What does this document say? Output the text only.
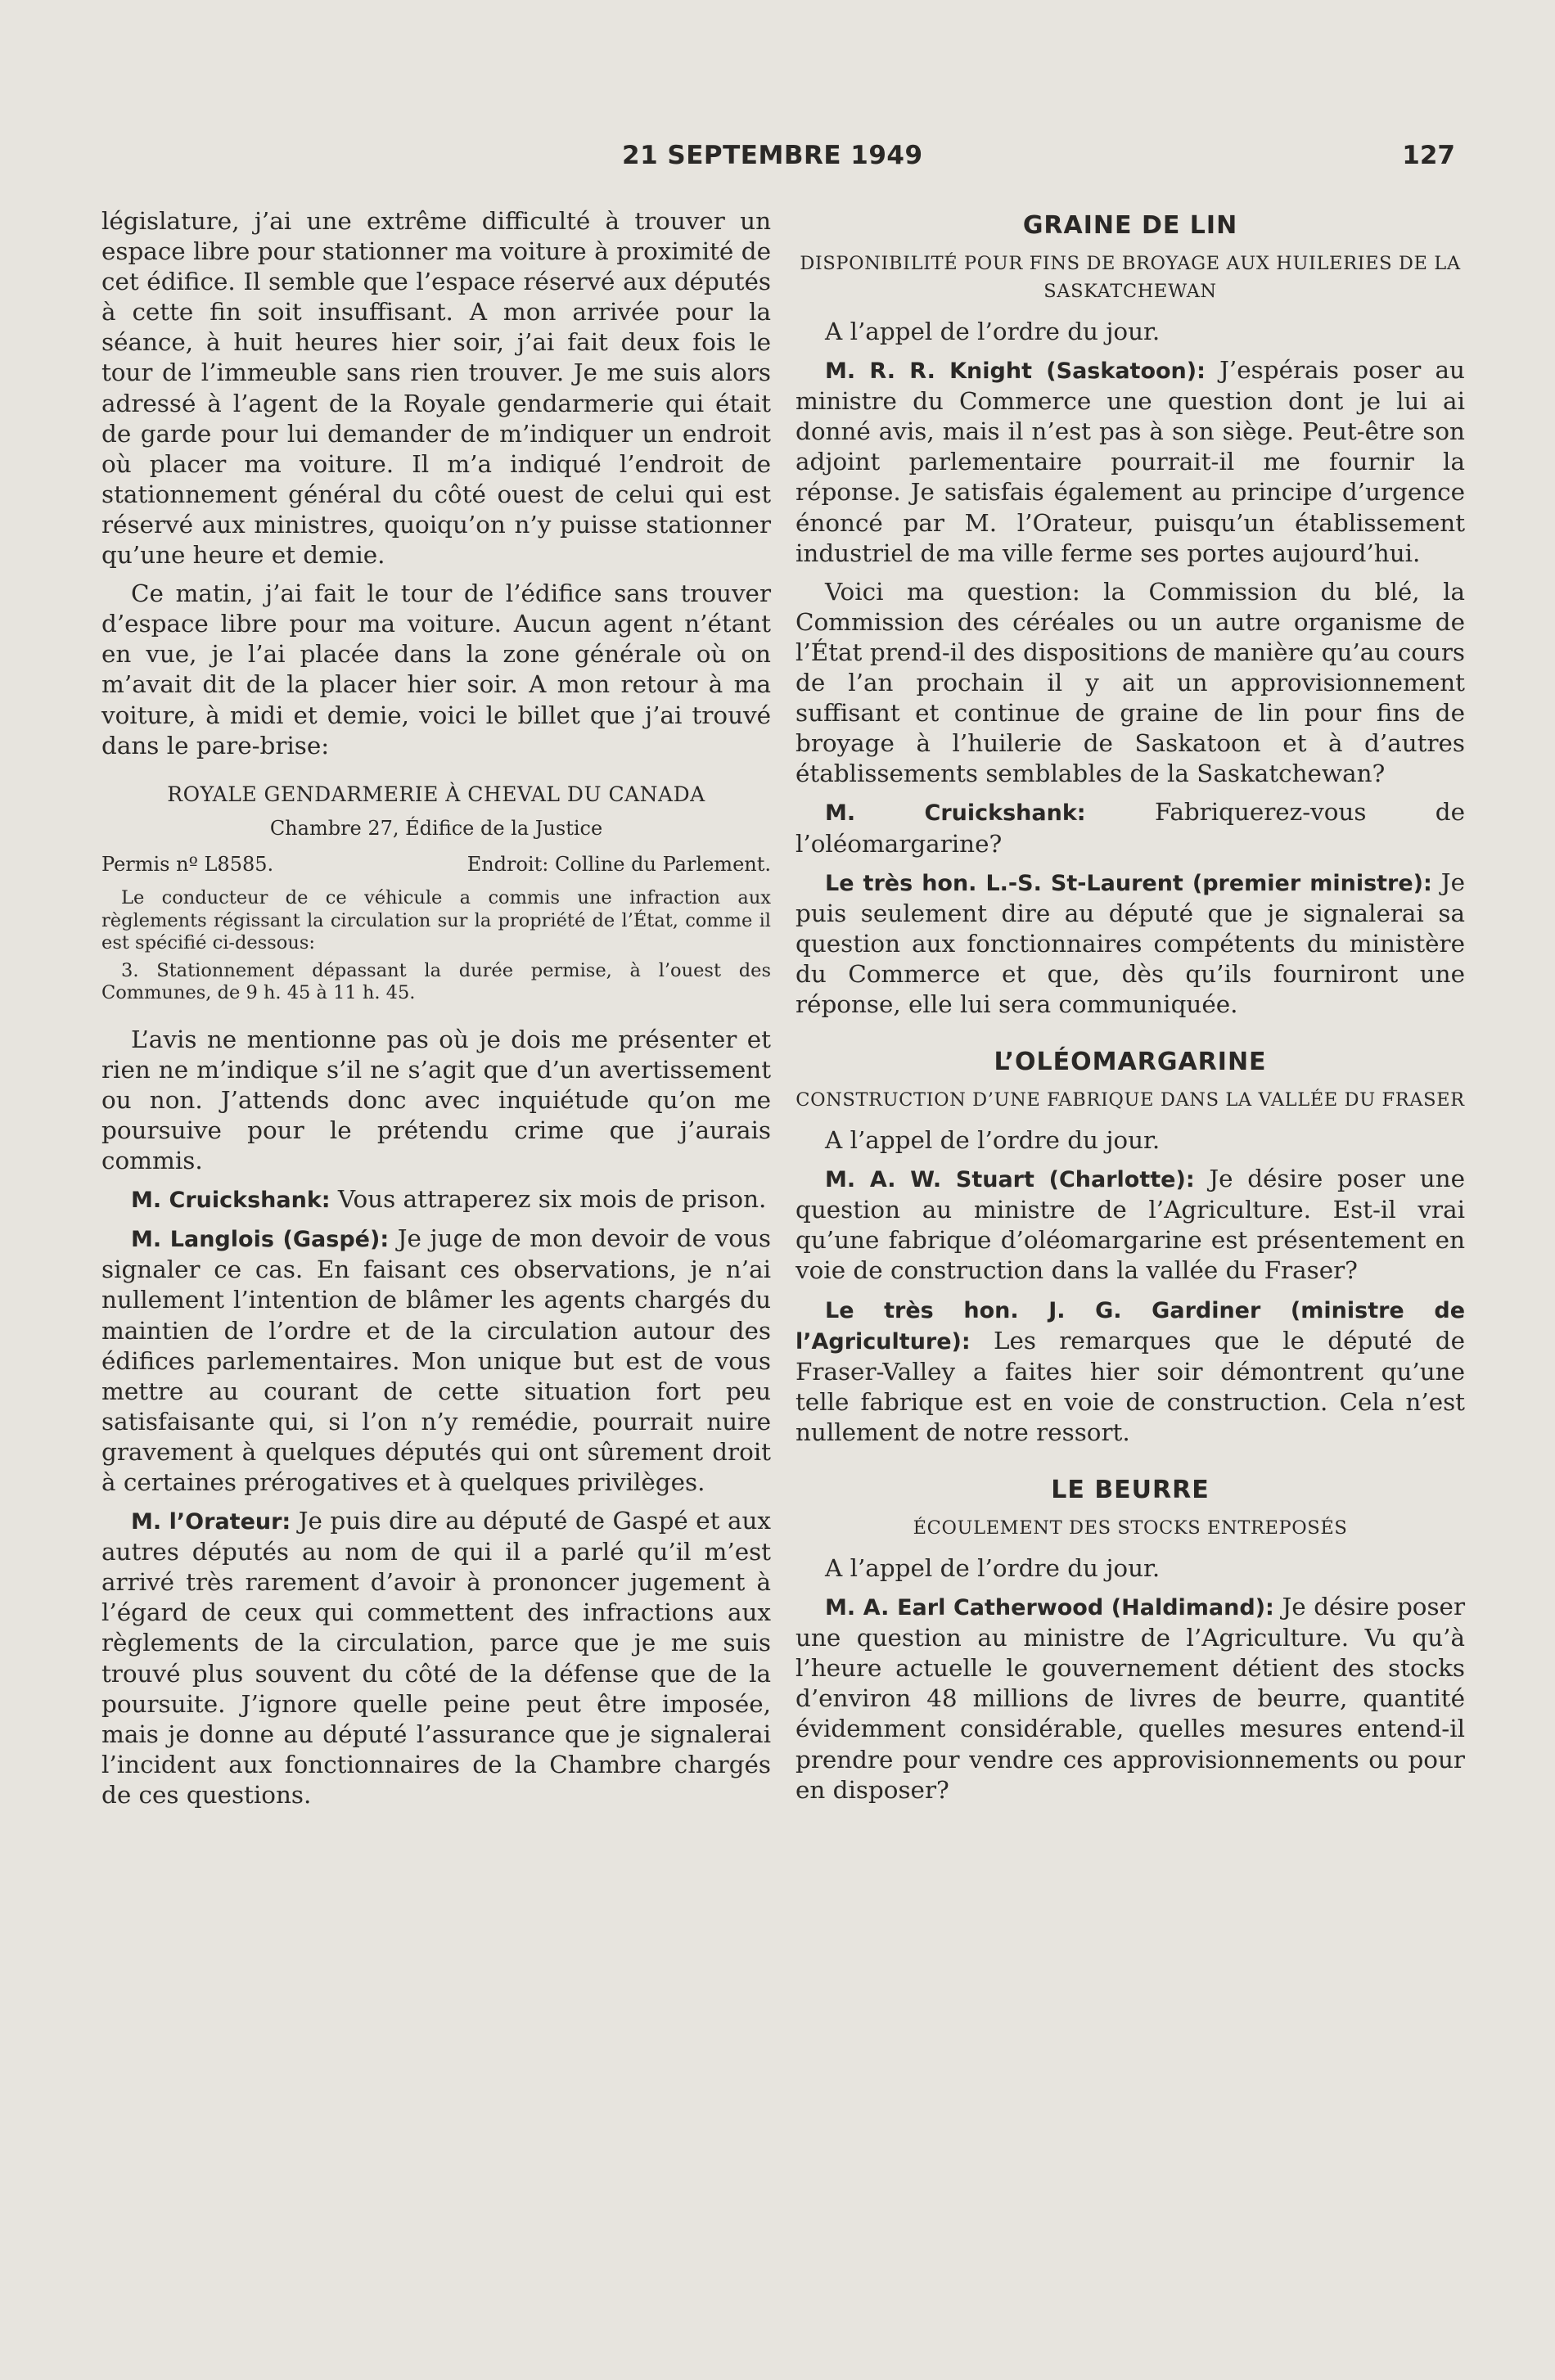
21 SEPTEMBRE 1949	127

législature, j’ai une extrême difficulté à trouver un espace libre pour stationner ma voiture à proximité de cet édifice. Il semble que l’espace réservé aux députés à cette fin soit insuffisant. A mon arrivée pour la séance, à huit heures hier soir, j’ai fait deux fois le tour de l’immeuble sans rien trouver. Je me suis alors adressé à l’agent de la Royale gendarmerie qui était de garde pour lui demander de m’indiquer un endroit où placer ma voiture. Il m’a indiqué l’endroit de stationnement général du côté ouest de celui qui est réservé aux ministres, quoiqu’on n’y puisse stationner qu’une heure et demie.

Ce matin, j’ai fait le tour de l’édifice sans trouver d’espace libre pour ma voiture. Aucun agent n’étant en vue, je l’ai placée dans la zone générale où on m’avait dit de la placer hier soir. A mon retour à ma voiture, à midi et demie, voici le billet que j’ai trouvé dans le pare-brise:

ROYALE GENDARMERIE À CHEVAL DU CANADA
Chambre 27, Édifice de la Justice
Permis nº L8585.	Endroit: Colline du Parlement.
Le conducteur de ce véhicule a commis une infraction aux règlements régissant la circulation sur la propriété de l’État, comme il est spécifié ci-dessous:
3. Stationnement dépassant la durée permise, à l’ouest des Communes, de 9 h. 45 à 11 h. 45.

L’avis ne mentionne pas où je dois me présenter et rien ne m’indique s’il ne s’agit que d’un avertissement ou non. J’attends donc avec inquiétude qu’on me poursuive pour le prétendu crime que j’aurais commis.

M. Cruickshank: Vous attraperez six mois de prison.

M. Langlois (Gaspé): Je juge de mon devoir de vous signaler ce cas. En faisant ces observations, je n’ai nullement l’intention de blâmer les agents chargés du maintien de l’ordre et de la circulation autour des édifices parlementaires. Mon unique but est de vous mettre au courant de cette situation fort peu satisfaisante qui, si l’on n’y remédie, pourrait nuire gravement à quelques députés qui ont sûrement droit à certaines prérogatives et à quelques privilèges.

M. l’Orateur: Je puis dire au député de Gaspé et aux autres députés au nom de qui il a parlé qu’il m’est arrivé très rarement d’avoir à prononcer jugement à l’égard de ceux qui commettent des infractions aux règlements de la circulation, parce que je me suis trouvé plus souvent du côté de la défense que de la poursuite. J’ignore quelle peine peut être imposée, mais je donne au député l’assurance que je signalerai l’incident aux fonctionnaires de la Chambre chargés de ces questions.

GRAINE DE LIN
DISPONIBILITÉ POUR FINS DE BROYAGE AUX HUILERIES DE LA SASKATCHEWAN

A l’appel de l’ordre du jour.

M. R. R. Knight (Saskatoon): J’espérais poser au ministre du Commerce une question dont je lui ai donné avis, mais il n’est pas à son siège. Peut-être son adjoint parlementaire pourrait-il me fournir la réponse. Je satisfais également au principe d’urgence énoncé par M. l’Orateur, puisqu’un établissement industriel de ma ville ferme ses portes aujourd’hui.

Voici ma question: la Commission du blé, la Commission des céréales ou un autre organisme de l’État prend-il des dispositions de manière qu’au cours de l’an prochain il y ait un approvisionnement suffisant et continue de graine de lin pour fins de broyage à l’huilerie de Saskatoon et à d’autres établissements semblables de la Saskatchewan?

M. Cruickshank: Fabriquerez-vous de l’oléomargarine?

Le très hon. L.-S. St-Laurent (premier ministre): Je puis seulement dire au député que je signalerai sa question aux fonctionnaires compétents du ministère du Commerce et que, dès qu’ils fourniront une réponse, elle lui sera communiquée.

L’OLÉOMARGARINE
CONSTRUCTION D’UNE FABRIQUE DANS LA VALLÉE DU FRASER

A l’appel de l’ordre du jour.

M. A. W. Stuart (Charlotte): Je désire poser une question au ministre de l’Agriculture. Est-il vrai qu’une fabrique d’oléomargarine est présentement en voie de construction dans la vallée du Fraser?

Le très hon. J. G. Gardiner (ministre de l’Agriculture): Les remarques que le député de Fraser-Valley a faites hier soir démontrent qu’une telle fabrique est en voie de construction. Cela n’est nullement de notre ressort.

LE BEURRE
ÉCOULEMENT DES STOCKS ENTREPOSÉS

A l’appel de l’ordre du jour.

M. A. Earl Catherwood (Haldimand): Je désire poser une question au ministre de l’Agriculture. Vu qu’à l’heure actuelle le gouvernement détient des stocks d’environ 48 millions de livres de beurre, quantité évidemment considérable, quelles mesures entend-il prendre pour vendre ces approvisionnements ou pour en disposer?
